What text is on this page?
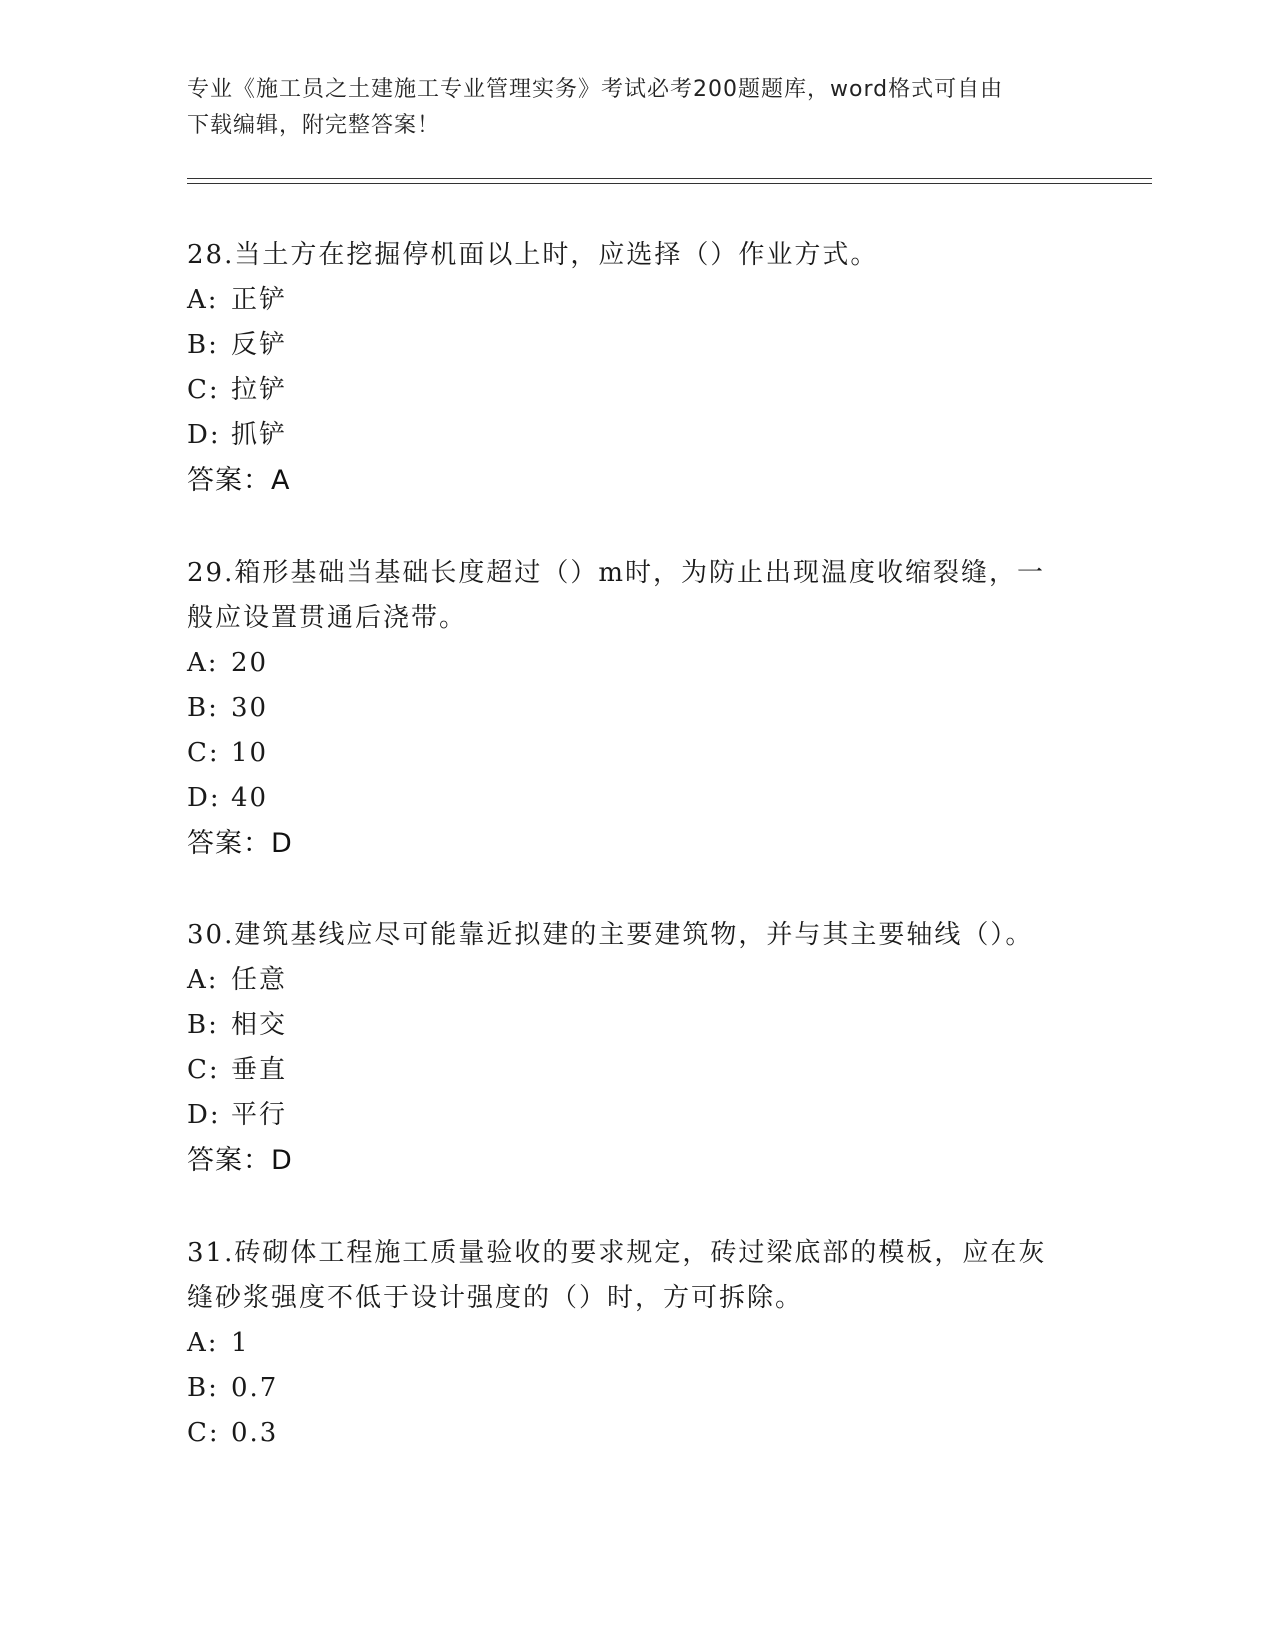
专业《施工员之土建施工专业管理实务》考试必考200题题库，word格式可自由
下载编辑，附完整答案！

28.当土方在挖掘停机面以上时，应选择（）作业方式。

A: 正铲
B: 反铲
C: 拉铲
D: 抓铲

答案：A

29.箱形基础当基础长度超过（）m时，为防止出现温度收缩裂缝，一

般应设置贯通后浇带。

A: 20
B: 30
C: 10
D: 40

答案：D

30.建筑基线应尽可能靠近拟建的主要建筑物，并与其主要轴线（）。

A: 任意
B: 相交
C: 垂直
D: 平行

答案：D

31.砖砌体工程施工质量验收的要求规定，砖过梁底部的模板，应在灰

缝砂浆强度不低于设计强度的（）时，方可拆除。

A: 1
B: 0.7
C: 0.3
